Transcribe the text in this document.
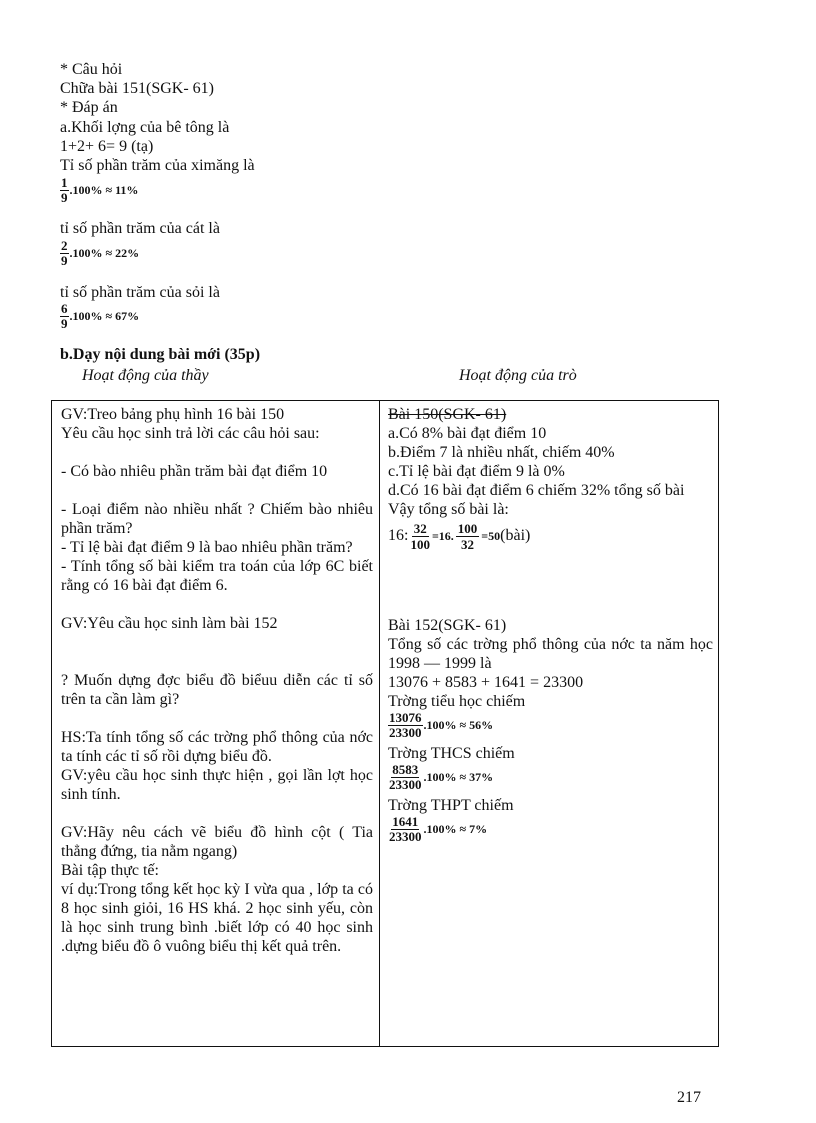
* Câu hỏi
Chữa bài 151(SGK- 61)
* Đáp án
a.Khối lợng của bê tông là
1+2+ 6= 9 (tạ)
Tỉ số phần trăm của ximăng là
$\frac{1}{9} .100\% \approx 11\%$
tỉ số phần trăm của cát là
$\frac{2}{9} .100\% \approx 22\%$
tỉ số phần trăm của sỏi là
$\frac{6}{9} .100\% \approx 67\%$
b.Dạy nội dung bài mới (35p)
Hoạt động của thầy	Hoạt động của trò

GV:Treo bảng phụ hình 16 bài 150

Yêu cầu học sinh trả lời các câu hỏi sau:

- Có bào nhiêu phần trăm bài đạt điểm 10

- Loại điểm nào nhiều nhất ? Chiếm bào nhiêu phần trăm?

- Tỉ lệ bài đạt điểm 9 là bao nhiêu phần trăm?

- Tính tổng số bài kiểm tra toán của lớp 6C biết rằng có 16 bài đạt điểm 6.

GV:Yêu cầu học sinh làm bài 152

? Muốn dựng đợc biểu đồ biểuu diễn các tỉ số trên ta cần làm gì?

HS:Ta tính tổng số các trờng phổ thông của nớc ta tính các tỉ số rồi dựng biểu đồ.

GV:yêu cầu học sinh thực hiện , gọi lần lợt học sinh tính.

GV:Hãy nêu cách vẽ biểu đồ hình cột ( Tia thẳng đứng, tia nằm ngang)

Bài tập thực tế:

ví dụ:Trong tổng kết học kỳ I vừa qua , lớp ta có 8 học sinh giỏi, 16 HS khá. 2 học sinh yếu, còn là học sinh trung bình .biết lớp có 40 học sinh .dựng biểu đồ ô vuông biểu thị kết quả trên.

Bài 150(SGK- 61)

a.Có 8% bài đạt điểm 10

b.Điểm 7 là nhiều nhất, chiếm 40%

c.Tỉ lệ bài đạt điểm 9 là 0%

d.Có 16 bài đạt điểm 6 chiếm 32% tổng số bài

Vậy tổng số bài là:

16: $\frac{32}{100} =16$. $\frac{100}{32}$ =50(bài)

Bài 152(SGK- 61)

Tổng số các trờng phổ thông của nớc ta năm học 1998 — 1999 là

13076 + 8583 + 1641 = 23300

Trờng tiểu học chiếm

$\frac{13076}{23300} .100\% \approx 56\%$

Trờng THCS chiếm

$\frac{8583}{23300} .100\% \approx 37\%$

Trờng THPT chiếm

$\frac{1641}{23300} .100\% \approx 7\%$

217
